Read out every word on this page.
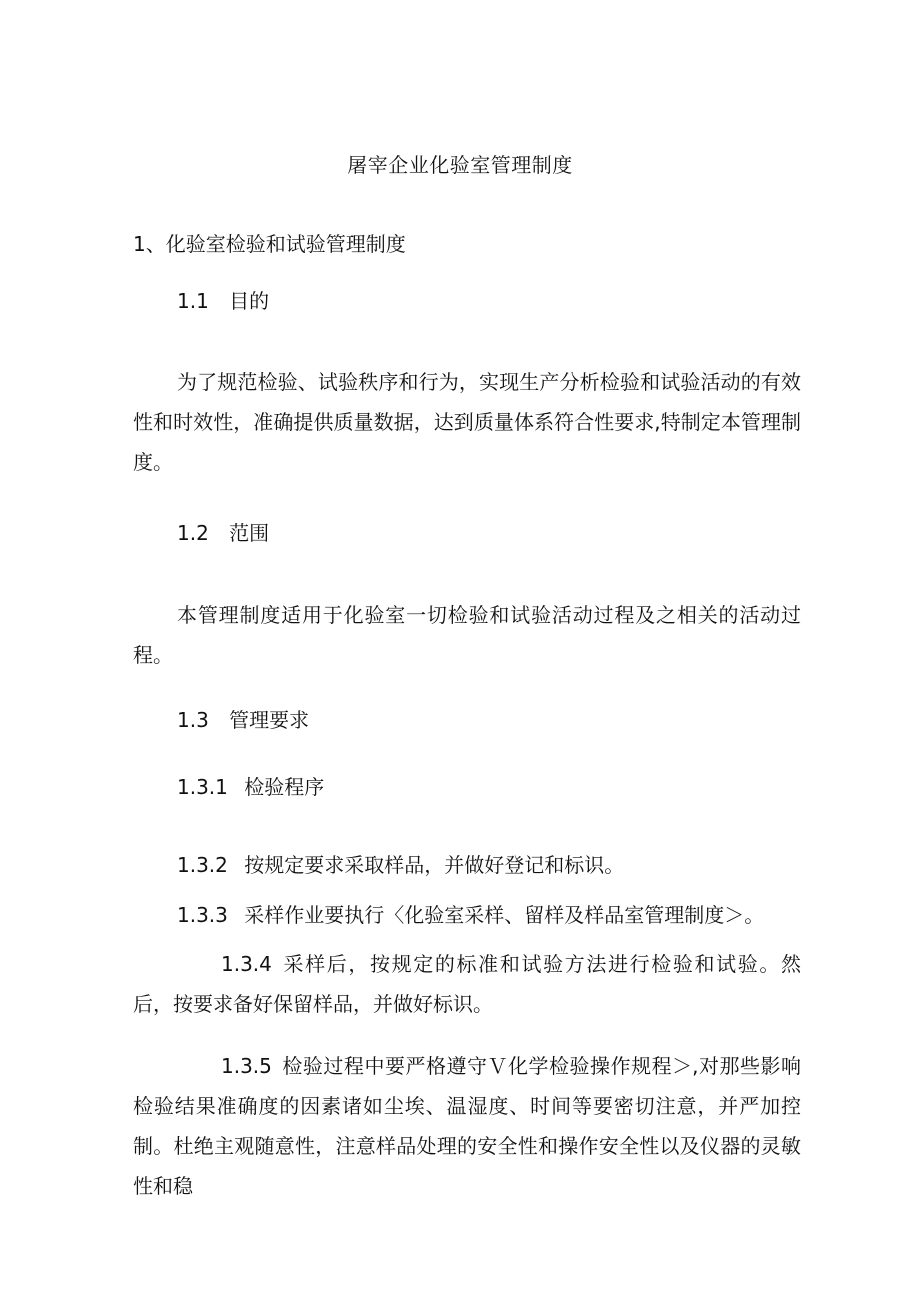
屠宰企业化验室管理制度
1、化验室检验和试验管理制度
1.1 目的
为了规范检验、试验秩序和行为，实现生产分析检验和试验活动的有效性和时效性，准确提供质量数据，达到质量体系符合性要求,特制定本管理制度。
1.2 范围
本管理制度适用于化验室一切检验和试验活动过程及之相关的活动过程。
1.3 管理要求
1.3.1 检验程序
1.3.2 按规定要求采取样品，并做好登记和标识。
1.3.3 采样作业要执行〈化验室采样、留样及样品室管理制度＞。
1.3.4 采样后，按规定的标准和试验方法进行检验和试验。然后，按要求备好保留样品，并做好标识。
1.3.5 检验过程中要严格遵守Ｖ化学检验操作规程＞,对那些影响检验结果准确度的因素诸如尘埃、温湿度、时间等要密切注意，并严加控制。杜绝主观随意性，注意样品处理的安全性和操作安全性以及仪器的灵敏性和稳
